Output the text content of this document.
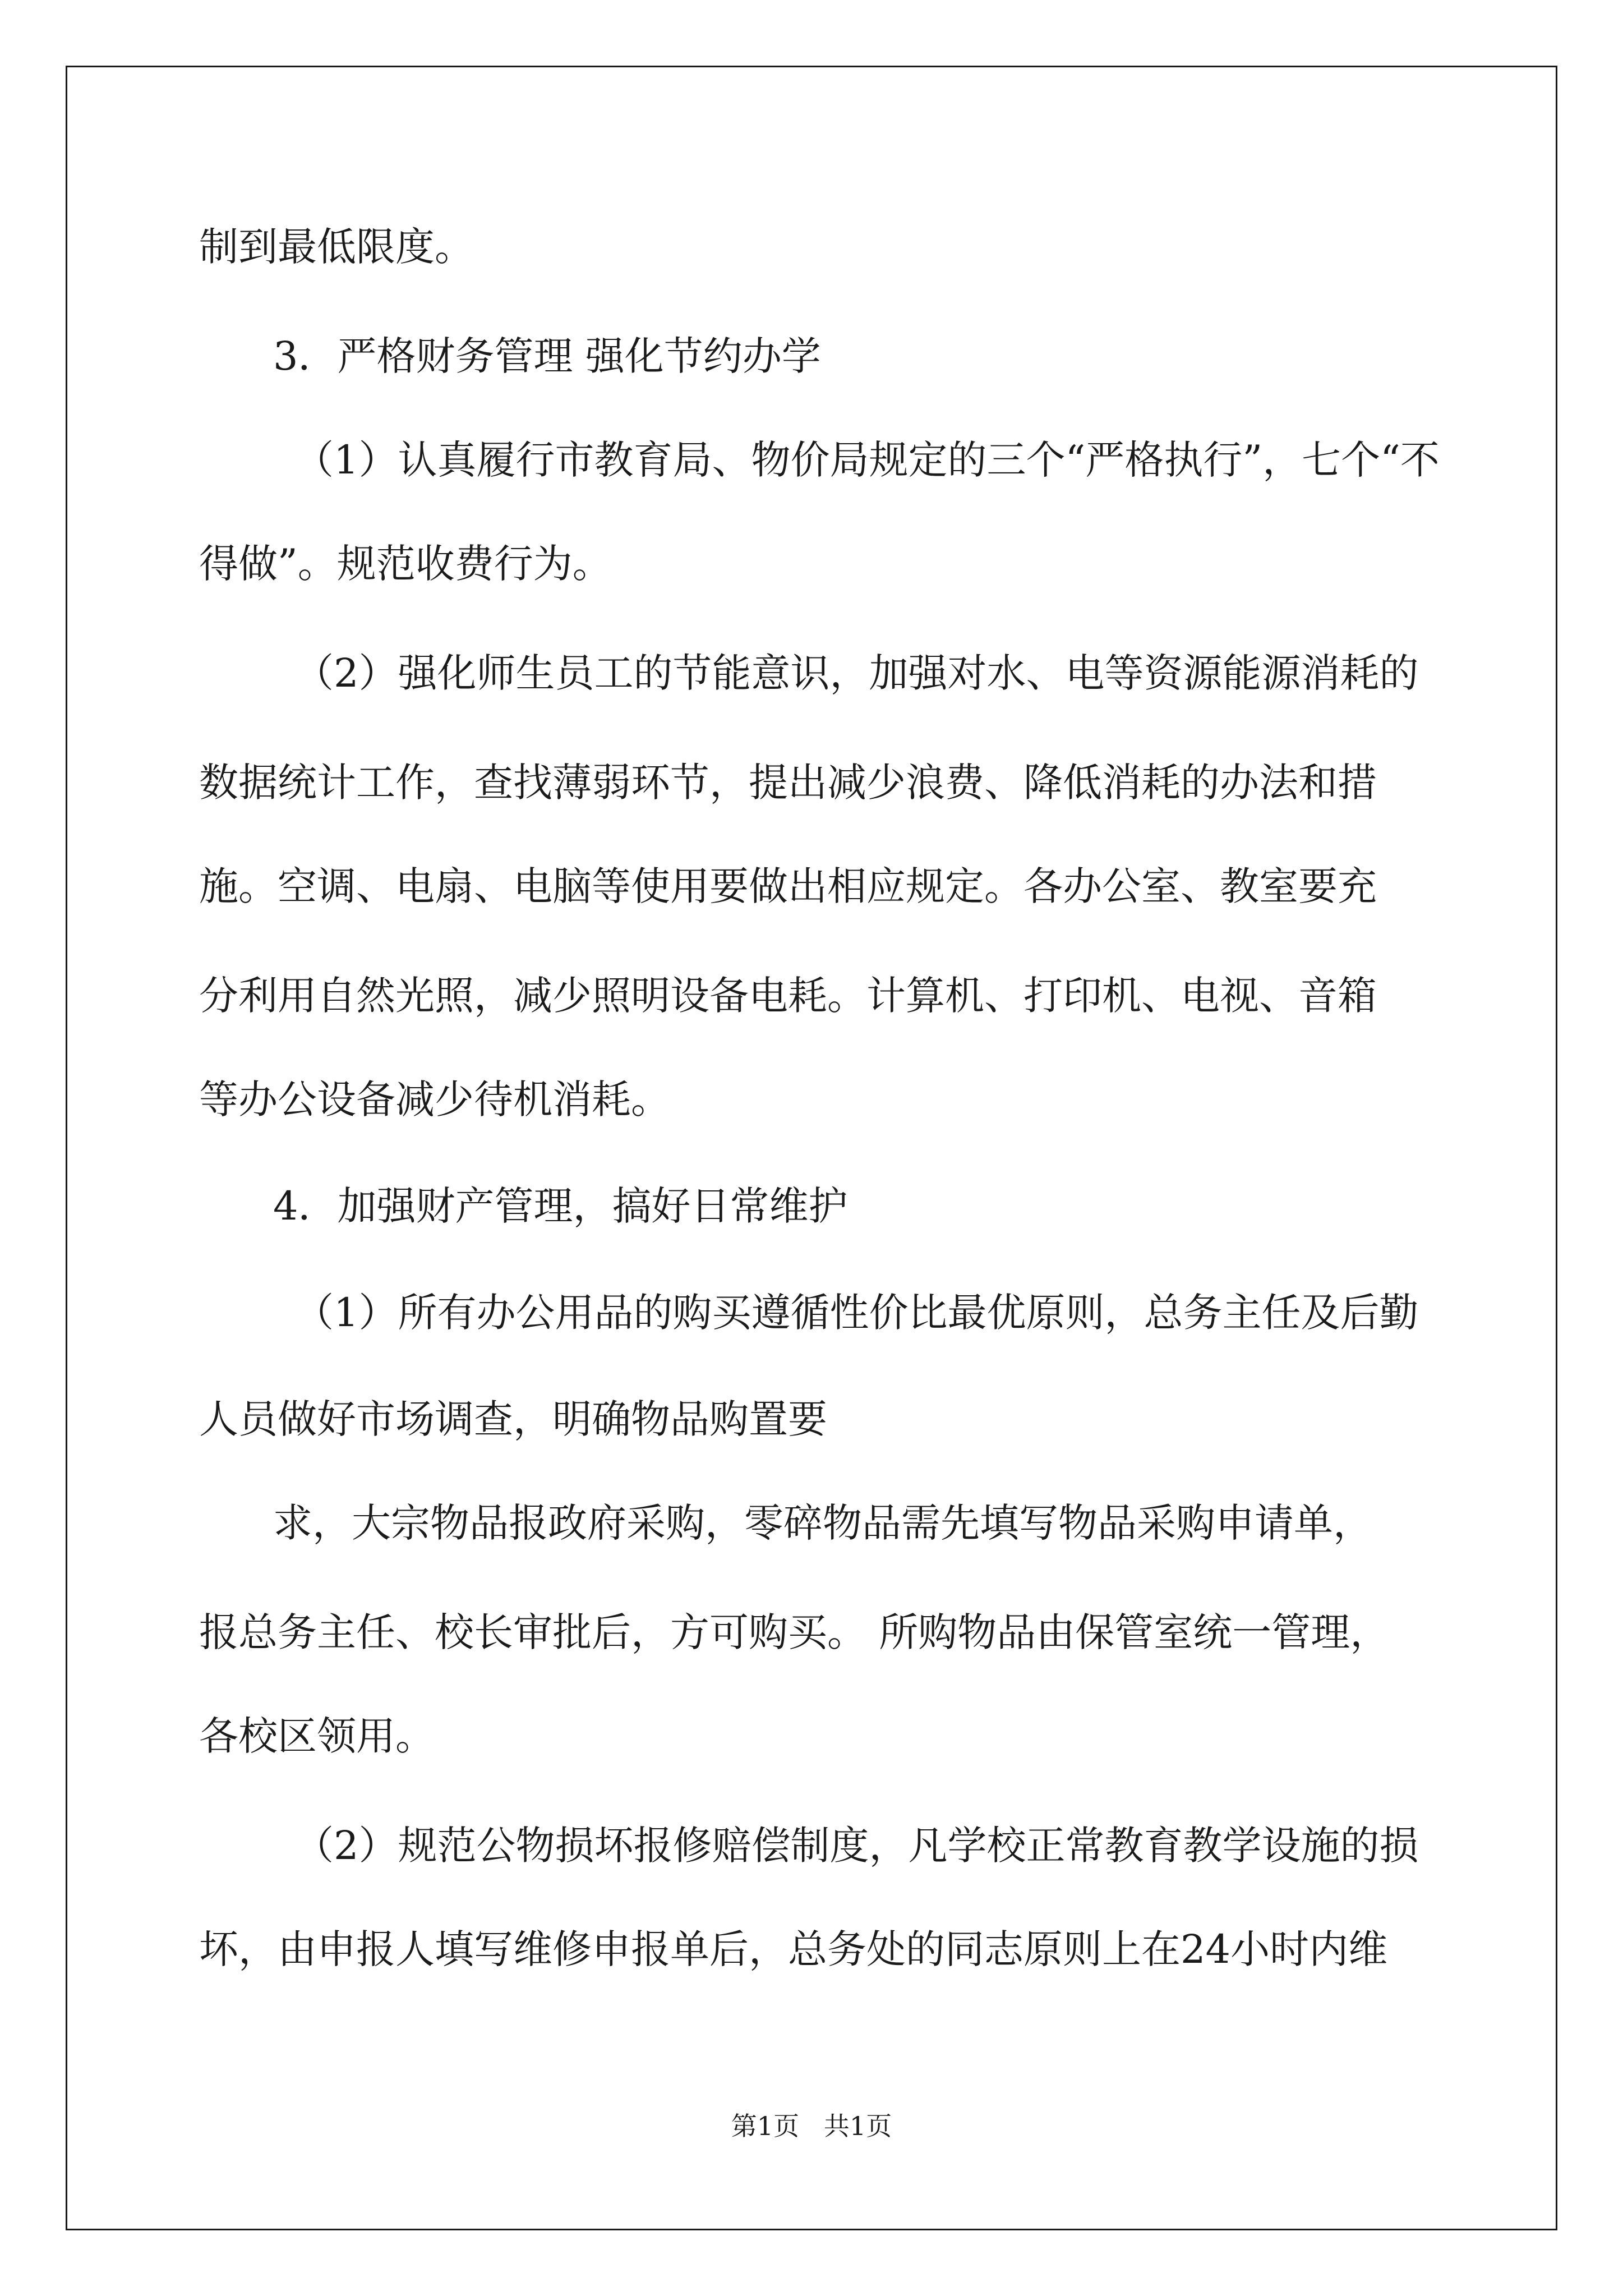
制到最低限度。

3．严格财务管理 强化节约办学

（1）认真履行市教育局、物价局规定的三个“严格执行”，七个“不

得做”。规范收费行为。

（2）强化师生员工的节能意识，加强对水、电等资源能源消耗的

数据统计工作，查找薄弱环节，提出减少浪费、降低消耗的办法和措

施。空调、电扇、电脑等使用要做出相应规定。各办公室、教室要充

分利用自然光照，减少照明设备电耗。计算机、打印机、电视、音箱

等办公设备减少待机消耗。

4．加强财产管理，搞好日常维护

（1）所有办公用品的购买遵循性价比最优原则，总务主任及后勤

人员做好市场调查，明确物品购置要

求，大宗物品报政府采购，零碎物品需先填写物品采购申请单，

报总务主任、校长审批后，方可购买。 所购物品由保管室统一管理，

各校区领用。

（2）规范公物损坏报修赔偿制度，凡学校正常教育教学设施的损

坏，由申报人填写维修申报单后，总务处的同志原则上在24小时内维

第1页   共1页
